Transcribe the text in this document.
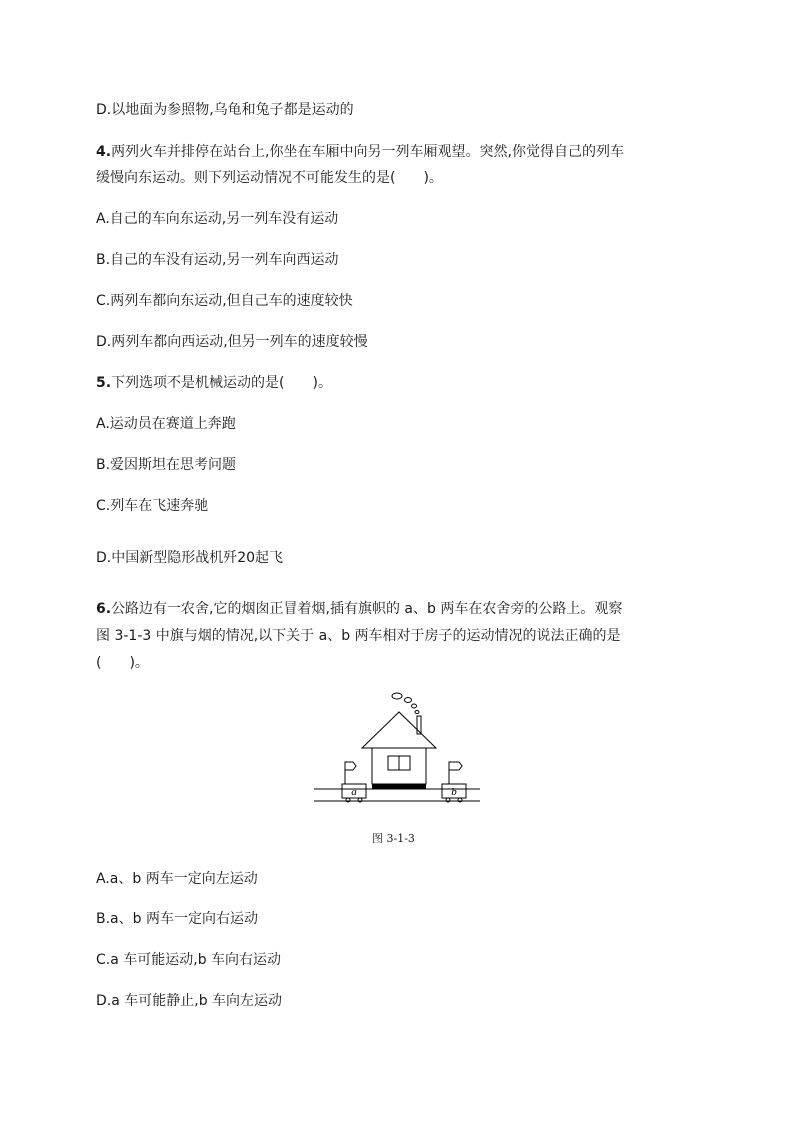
D.以地面为参照物,乌龟和兔子都是运动的
4.两列火车并排停在站台上,你坐在车厢中向另一列车厢观望。突然,你觉得自己的列车
缓慢向东运动。则下列运动情况不可能发生的是(　　)。
A.自己的车向东运动,另一列车没有运动
B.自己的车没有运动,另一列车向西运动
C.两列车都向东运动,但自己车的速度较快
D.两列车都向西运动,但另一列车的速度较慢
5.下列选项不是机械运动的是(　　)。
A.运动员在赛道上奔跑
B.爱因斯坦在思考问题
C.列车在飞速奔驰
D.中国新型隐形战机歼20起飞
6.公路边有一农舍,它的烟囱正冒着烟,插有旗帜的 a、b 两车在农舍旁的公路上。观察
图 3-1-3 中旗与烟的情况,以下关于 a、b 两车相对于房子的运动情况的说法正确的是
(　　)。
a	b
图 3-1-3
A.a、b 两车一定向左运动
B.a、b 两车一定向右运动
C.a 车可能运动,b 车向右运动
D.a 车可能静止,b 车向左运动
